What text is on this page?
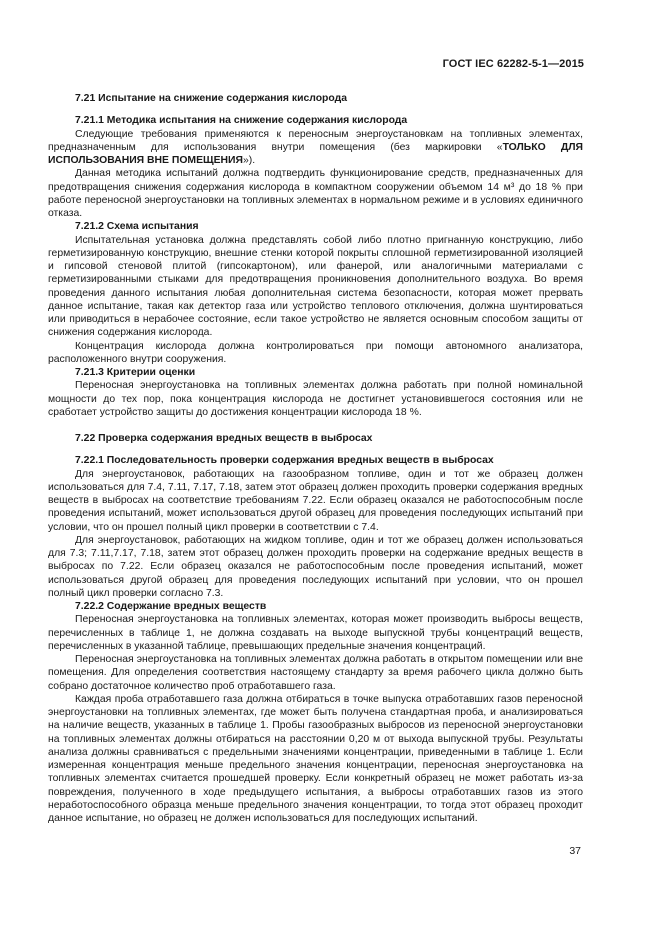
ГОСТ IEC 62282-5-1—2015
7.21 Испытание на снижение содержания кислорода
7.21.1 Методика испытания на снижение содержания кислорода
Следующие требования применяются к переносным энергоустановкам на топливных элементах, предназначенным для использования внутри помещения (без маркировки «ТОЛЬКО ДЛЯ ИСПОЛЬЗОВАНИЯ ВНЕ ПОМЕЩЕНИЯ»).
Данная методика испытаний должна подтвердить функционирование средств, предназначенных для предотвращения снижения содержания кислорода в компактном сооружении объемом 14 м³ до 18 % при работе переносной энергоустановки на топливных элементах в нормальном режиме и в условиях единичного отказа.
7.21.2 Схема испытания
Испытательная установка должна представлять собой либо плотно пригнанную конструкцию, либо герметизированную конструкцию, внешние стенки которой покрыты сплошной герметизированной изоляцией и гипсовой стеновой плитой (гипсокартоном), или фанерой, или аналогичными материалами с герметизированными стыками для предотвращения проникновения дополнительного воздуха. Во время проведения данного испытания любая дополнительная система безопасности, которая может прервать данное испытание, такая как детектор газа или устройство теплового отключения, должна шунтироваться или приводиться в нерабочее состояние, если такое устройство не является основным способом защиты от снижения содержания кислорода.
Концентрация кислорода должна контролироваться при помощи автономного анализатора, расположенного внутри сооружения.
7.21.3 Критерии оценки
Переносная энергоустановка на топливных элементах должна работать при полной номинальной мощности до тех пор, пока концентрация кислорода не достигнет установившегося состояния или не сработает устройство защиты до достижения концентрации кислорода 18 %.
7.22 Проверка содержания вредных веществ в выбросах
7.22.1 Последовательность проверки содержания вредных веществ в выбросах
Для энергоустановок, работающих на газообразном топливе, один и тот же образец должен использоваться для 7.4, 7.11, 7.17, 7.18, затем этот образец должен проходить проверки содержания вредных веществ в выбросах на соответствие требованиям 7.22. Если образец оказался не работоспособным после проведения испытаний, может использоваться другой образец для проведения последующих испытаний при условии, что он прошел полный цикл проверки в соответствии с 7.4.
Для энергоустановок, работающих на жидком топливе, один и тот же образец должен использоваться для 7.3; 7.11,7.17, 7.18, затем этот образец должен проходить проверки на содержание вредных веществ в выбросах по 7.22. Если образец оказался не работоспособным после проведения испытаний, может использоваться другой образец для проведения последующих испытаний при условии, что он прошел полный цикл проверки согласно 7.3.
7.22.2 Содержание вредных веществ
Переносная энергоустановка на топливных элементах, которая может производить выбросы веществ, перечисленных в таблице 1, не должна создавать на выходе выпускной трубы концентраций веществ, перечисленных в указанной таблице, превышающих предельные значения концентраций.
Переносная энергоустановка на топливных элементах должна работать в открытом помещении или вне помещения. Для определения соответствия настоящему стандарту за время рабочего цикла должно быть собрано достаточное количество проб отработавшего газа.
Каждая проба отработавшего газа должна отбираться в точке выпуска отработавших газов переносной энергоустановки на топливных элементах, где может быть получена стандартная проба, и анализироваться на наличие веществ, указанных в таблице 1. Пробы газообразных выбросов из переносной энергоустановки на топливных элементах должны отбираться на расстоянии 0,20 м от выхода выпускной трубы. Результаты анализа должны сравниваться с предельными значениями концентрации, приведенными в таблице 1. Если измеренная концентрация меньше предельного значения концентрации, переносная энергоустановка на топливных элементах считается прошедшей проверку. Если конкретный образец не может работать из-за повреждения, полученного в ходе предыдущего испытания, а выбросы отработавших газов из этого неработоспособного образца меньше предельного значения концентрации, то тогда этот образец проходит данное испытание, но образец не должен использоваться для последующих испытаний.
37
